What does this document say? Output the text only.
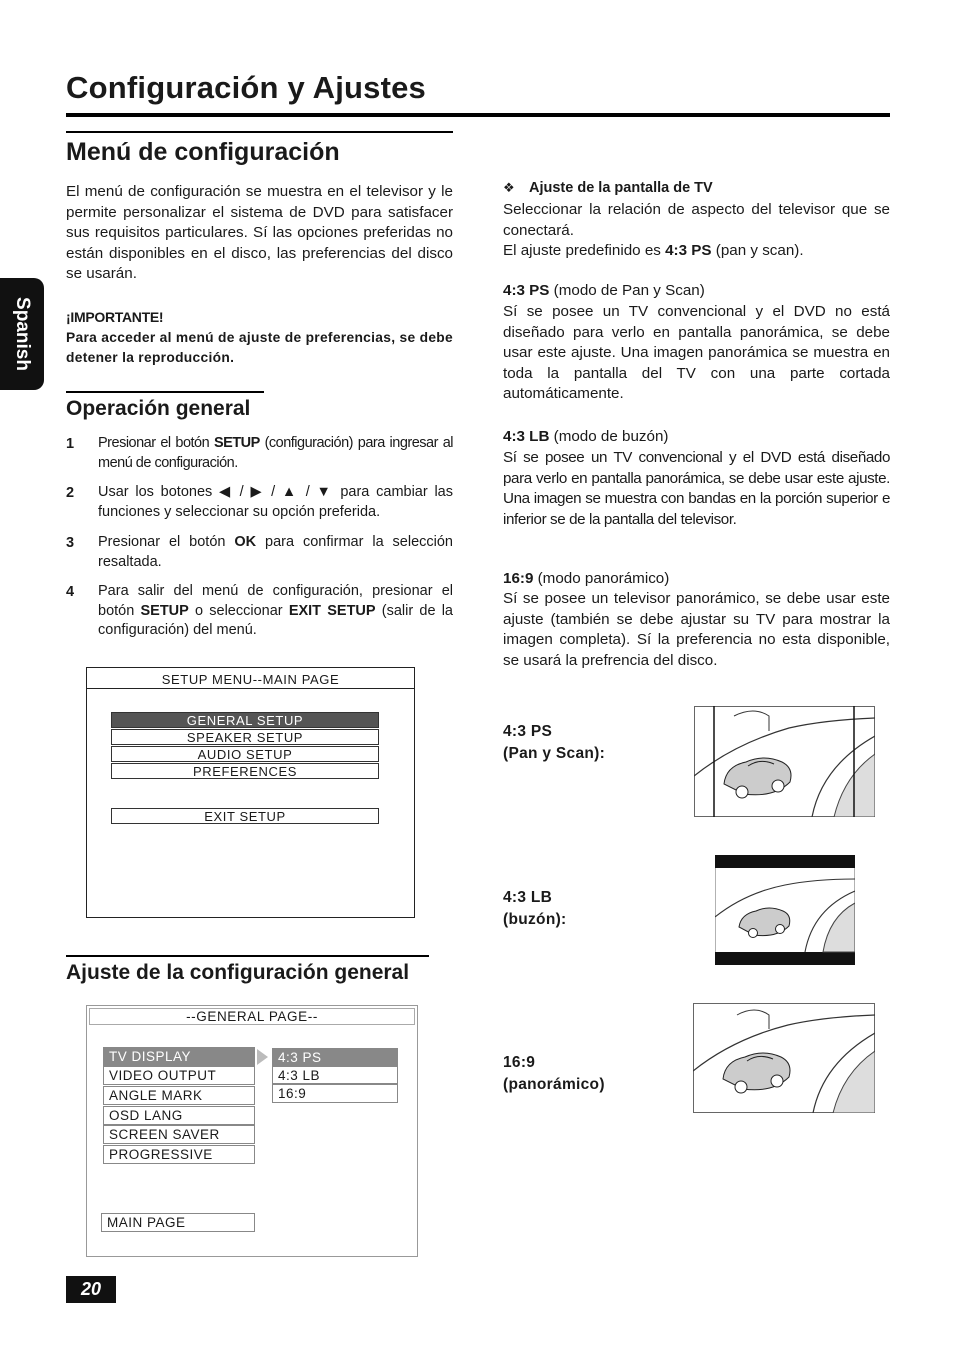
Configuración y Ajustes
Spanish
Menú de configuración
El menú de configuración se muestra en el televisor y le permite personalizar el sistema de DVD para satisfacer sus requisitos particulares. Sí las opciones preferidas no están disponibles en el disco, las preferencias del disco se usarán.
¡IMPORTANTE!
Para acceder al menú de ajuste de preferencias, se debe detener la reproducción.
Operación general
1 Presionar el botón SETUP (configuración) para ingresar al menú de configuración.
2 Usar los botones ◀ / ▶ / ▲ / ▼ para cambiar las funciones y seleccionar su opción preferida.
3 Presionar el botón OK para confirmar la selección resaltada.
4 Para salir del menú de configuración, presionar el botón SETUP o seleccionar EXIT SETUP (salir de la configuración) del menú.
SETUP MENU--MAIN PAGE
GENERAL SETUP
SPEAKER SETUP
AUDIO SETUP
PREFERENCES
EXIT SETUP
Ajuste de la configuración general
--GENERAL PAGE--
TV DISPLAY
VIDEO OUTPUT
ANGLE MARK
OSD LANG
SCREEN SAVER
PROGRESSIVE
4:3 PS
4:3 LB
16:9
MAIN PAGE
❖ Ajuste de la pantalla de TV
Seleccionar la relación de aspecto del televisor que se conectará.
El ajuste predefinido es 4:3 PS (pan y scan).
4:3 PS (modo de Pan y Scan)
Sí se posee un TV convencional y el DVD no está diseñado para verlo en pantalla panorámica, se debe usar este ajuste. Una imagen panorámica se muestra en toda la pantalla del TV con una parte cortada automáticamente.
4:3 LB (modo de buzón)
Sí se posee un TV convencional y el DVD está diseñado para verlo en pantalla panorámica, se debe usar este ajuste. Una imagen se muestra con bandas en la porción superior e inferior se de la pantalla del televisor.
16:9 (modo panorámico)
Sí se posee un televisor panorámico, se debe usar este ajuste (también se debe ajustar su TV para mostrar la imagen completa). Sí la preferencia no esta disponible, se usará la prefrencia del disco.
4:3 PS
(Pan y Scan):
4:3 LB
(buzón):
16:9
(panorámico)
20
